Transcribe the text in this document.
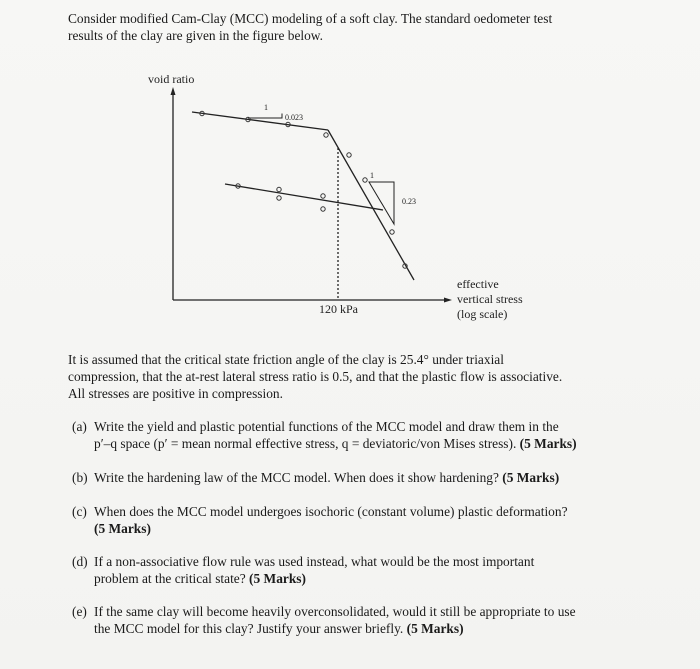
Consider modified Cam-Clay (MCC) modeling of a soft clay. The standard oedometer test
results of the clay are given in the figure below.
0.023
1
0.23
1
void ratio
120 kPa
effective
vertical stress
(log scale)
It is assumed that the critical state friction angle of the clay is 25.4° under triaxial
compression, that the at-rest lateral stress ratio is 0.5, and that the plastic flow is associative.
All stresses are positive in compression.
(a) Write the yield and plastic potential functions of the MCC model and draw them in the
p′–q space (p′ = mean normal effective stress, q = deviatoric/von Mises stress). (5 Marks)
(b) Write the hardening law of the MCC model. When does it show hardening? (5 Marks)
(c) When does the MCC model undergoes isochoric (constant volume) plastic deformation?
(5 Marks)
(d) If a non-associative flow rule was used instead, what would be the most important
problem at the critical state? (5 Marks)
(e) If the same clay will become heavily overconsolidated, would it still be appropriate to use
the MCC model for this clay? Justify your answer briefly. (5 Marks)
